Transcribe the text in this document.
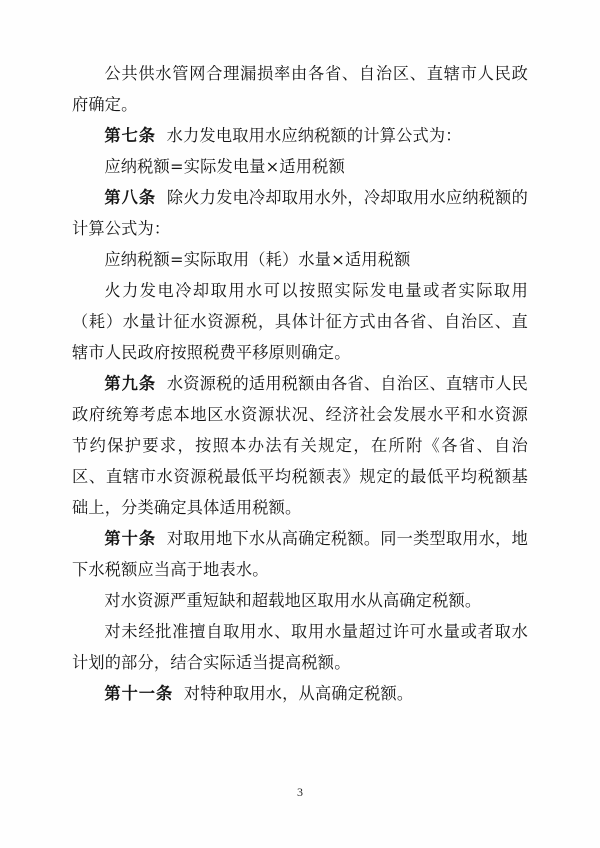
公共供水管网合理漏损率由各省、自治区、直辖市人民政府确定。

第七条 水力发电取用水应纳税额的计算公式为：

应纳税额=实际发电量×适用税额

第八条 除火力发电冷却取用水外，冷却取用水应纳税额的计算公式为：

应纳税额=实际取用（耗）水量×适用税额

火力发电冷却取用水可以按照实际发电量或者实际取用（耗）水量计征水资源税，具体计征方式由各省、自治区、直辖市人民政府按照税费平移原则确定。

第九条 水资源税的适用税额由各省、自治区、直辖市人民政府统筹考虑本地区水资源状况、经济社会发展水平和水资源节约保护要求，按照本办法有关规定，在所附《各省、自治区、直辖市水资源税最低平均税额表》规定的最低平均税额基础上，分类确定具体适用税额。

第十条 对取用地下水从高确定税额。同一类型取用水，地下水税额应当高于地表水。

对水资源严重短缺和超载地区取用水从高确定税额。

对未经批准擅自取用水、取用水量超过许可水量或者取水计划的部分，结合实际适当提高税额。

第十一条 对特种取用水，从高确定税额。

3
